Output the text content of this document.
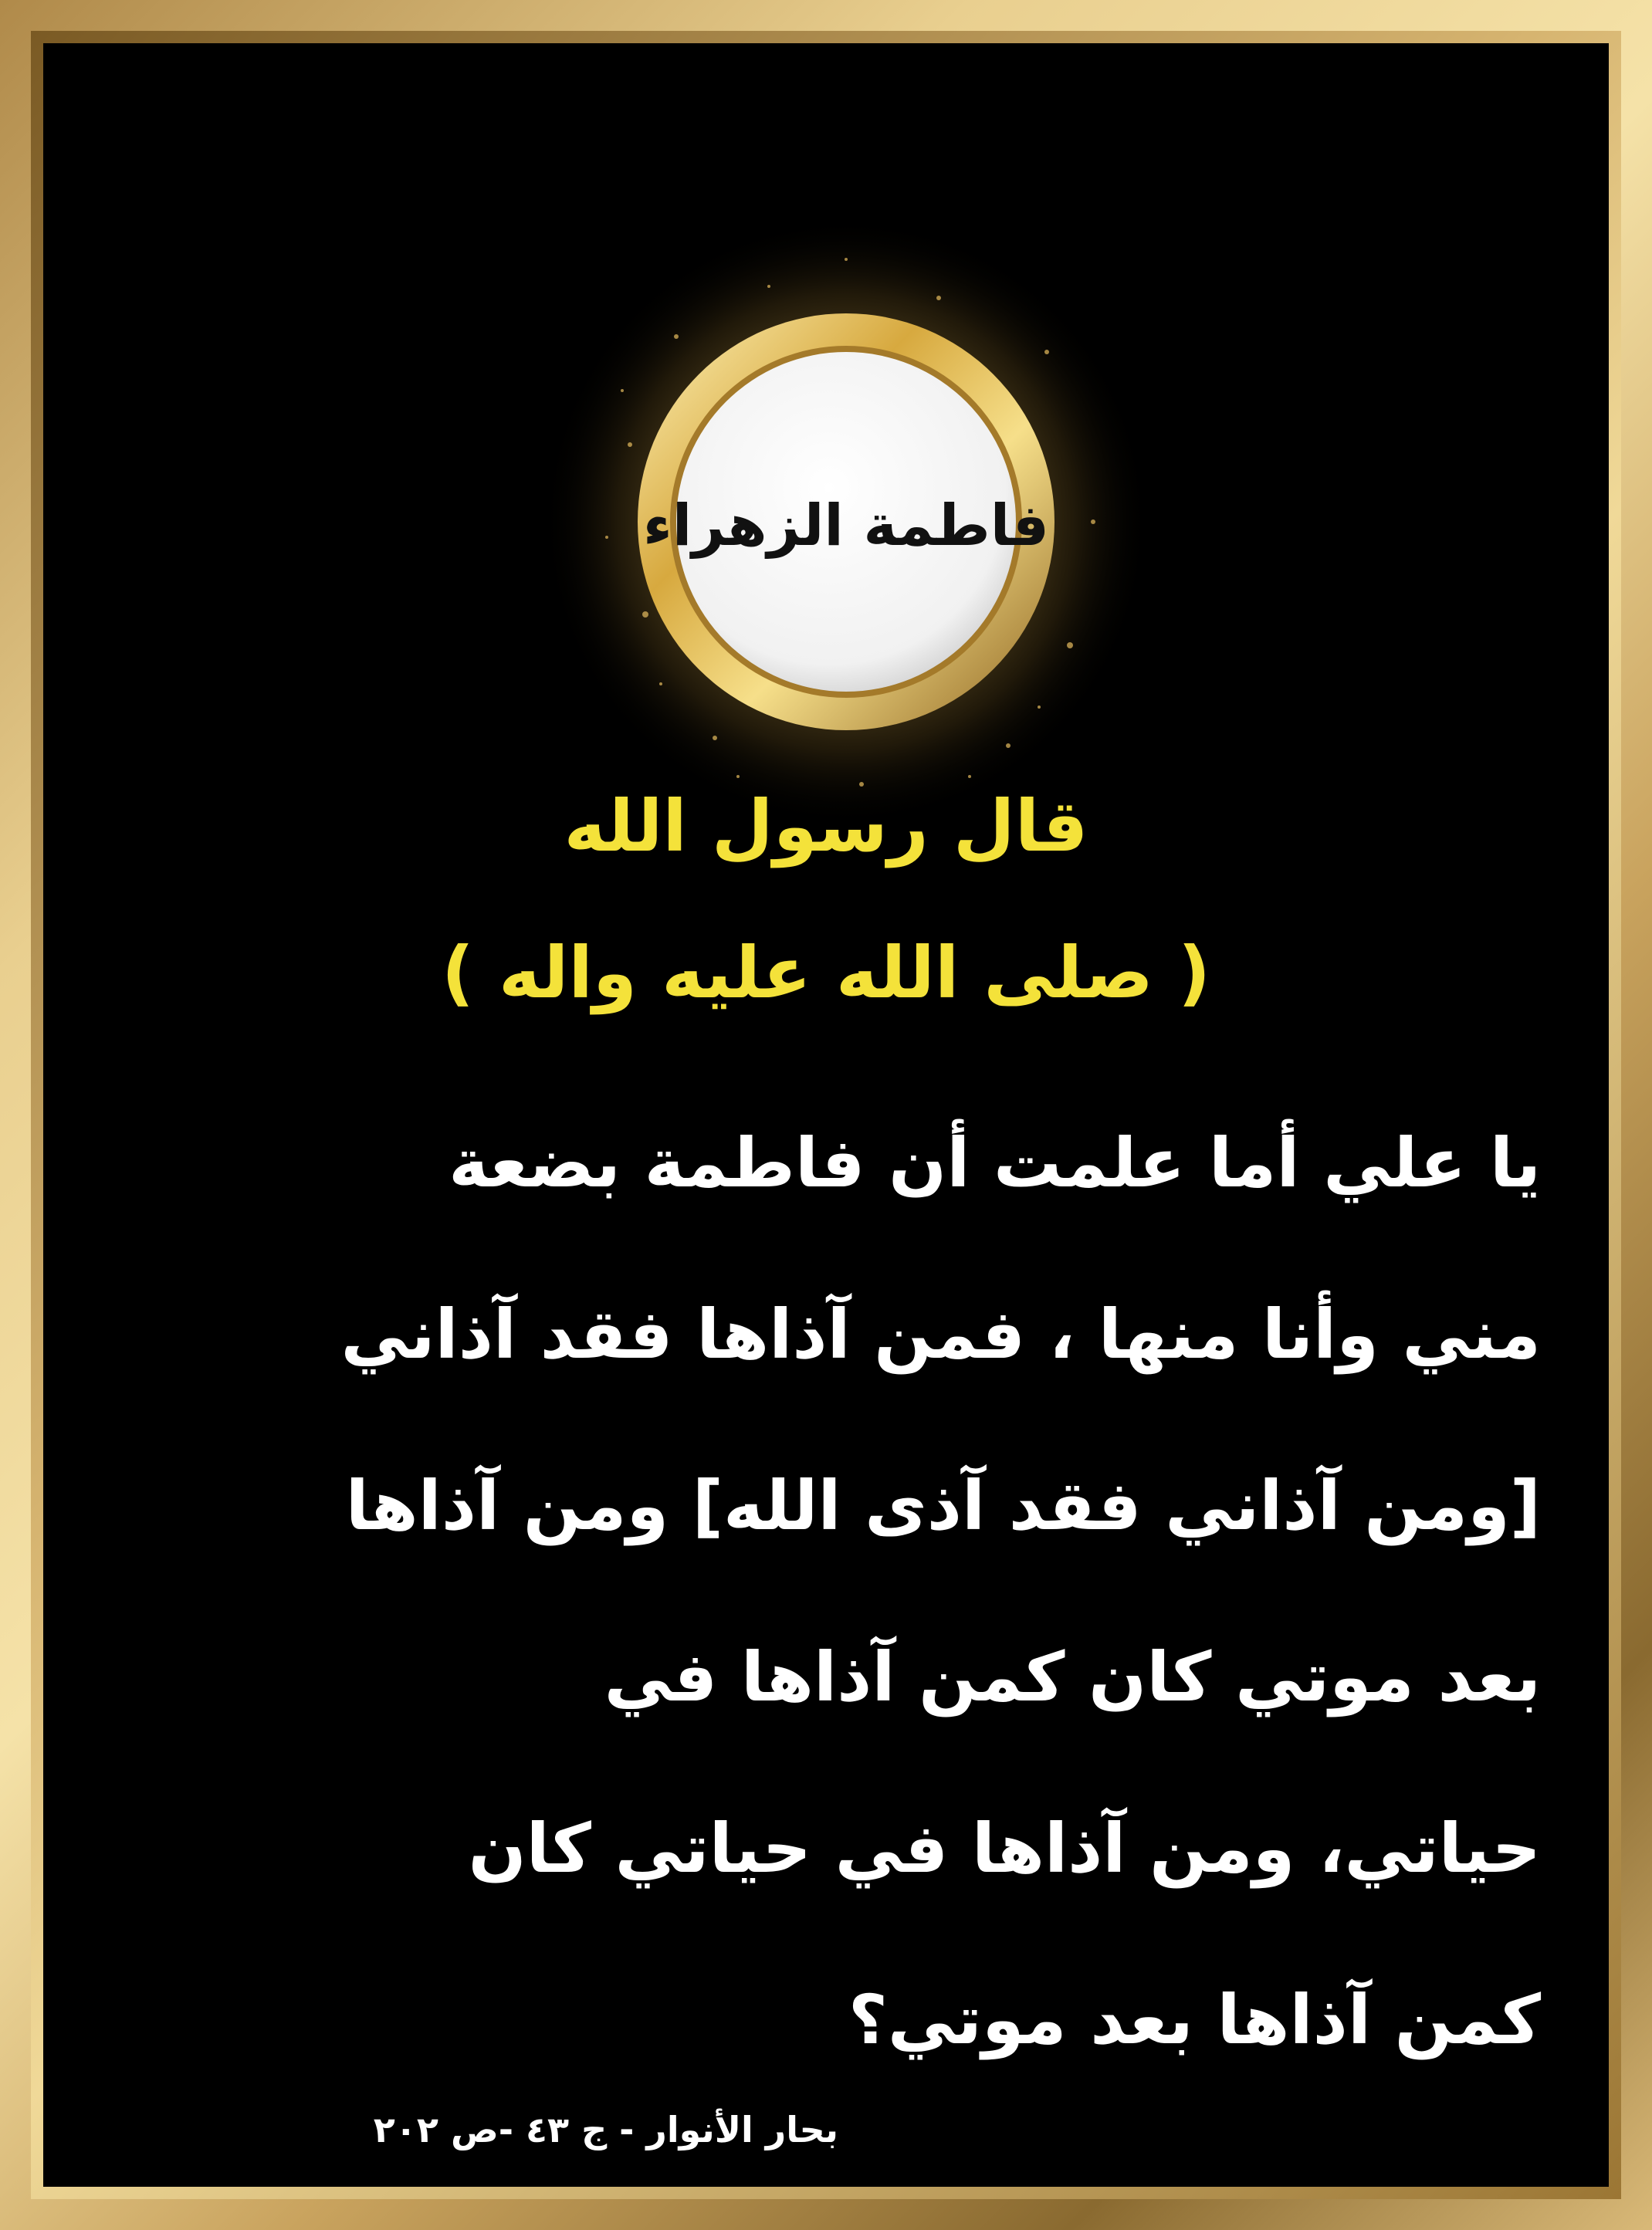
فاطمة الزهراء
قال رسول الله
( صلى الله عليه واله )
يا علي أما علمت أن فاطمة بضعة
مني وأنا منها ، فمن آذاها فقد آذاني
[ومن آذاني فقد آذى الله] ومن آذاها
بعد موتي كان كمن آذاها في
حياتي، ومن آذاها في حياتي كان
كمن آذاها بعد موتي؟
بحار الأنوار - ج ٤٣ -ص ٢٠٢
